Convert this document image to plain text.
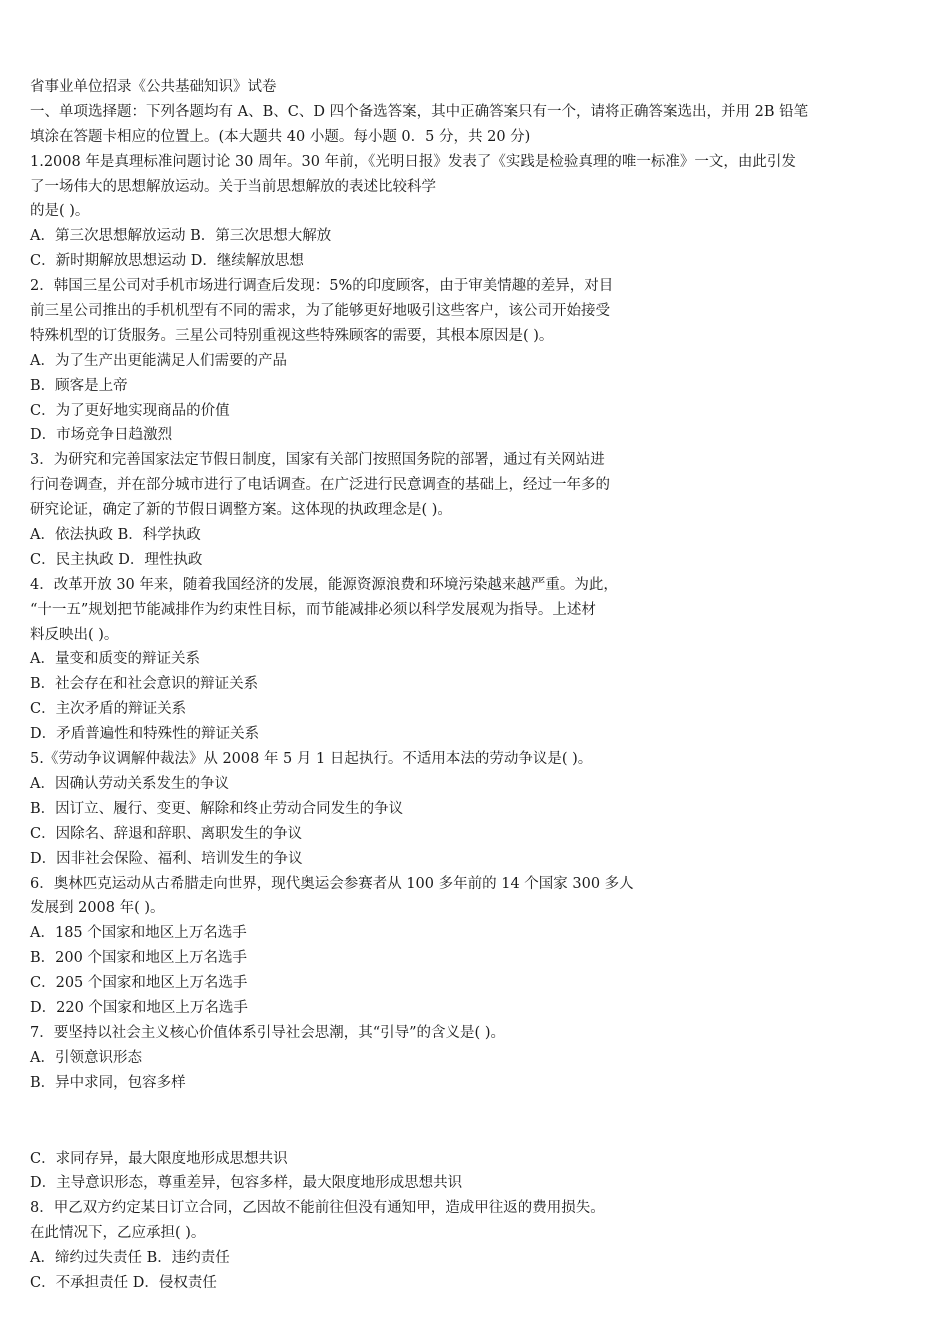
省事业单位招录《公共基础知识》试卷
一、单项选择题：下列各题均有 A、B、C、D 四个备选答案，其中正确答案只有一个，请将正确答案选出，并用 2B 铅笔
填涂在答题卡相应的位置上。(本大题共 40 小题。每小题 0．5 分，共 20 分)
1.2008 年是真理标准问题讨论 30 周年。30 年前，《光明日报》发表了《实践是检验真理的唯一标准》一文，由此引发
了一场伟大的思想解放运动。关于当前思想解放的表述比较科学
的是( )。
A．第三次思想解放运动 B．第三次思想大解放
C．新时期解放思想运动 D．继续解放思想
2．韩国三星公司对手机市场进行调查后发现：5%的印度顾客，由于审美情趣的差异，对目
前三星公司推出的手机机型有不同的需求，为了能够更好地吸引这些客户，该公司开始接受
特殊机型的订货服务。三星公司特别重视这些特殊顾客的需要，其根本原因是( )。
A．为了生产出更能满足人们需要的产品
B．顾客是上帝
C．为了更好地实现商品的价值
D．市场竞争日趋激烈
3．为研究和完善国家法定节假日制度，国家有关部门按照国务院的部署，通过有关网站进
行问卷调查，并在部分城市进行了电话调查。在广泛进行民意调查的基础上，经过一年多的
研究论证，确定了新的节假日调整方案。这体现的执政理念是( )。
A．依法执政 B．科学执政
C．民主执政 D．理性执政
4．改革开放 30 年来，随着我国经济的发展，能源资源浪费和环境污染越来越严重。为此，
“十一五”规划把节能减排作为约束性目标，而节能减排必须以科学发展观为指导。上述材
料反映出( )。
A．量变和质变的辩证关系
B．社会存在和社会意识的辩证关系
C．主次矛盾的辩证关系
D．矛盾普遍性和特殊性的辩证关系
5.《劳动争议调解仲裁法》从 2008 年 5 月 1 日起执行。不适用本法的劳动争议是( )。
A．因确认劳动关系发生的争议
B．因订立、履行、变更、解除和终止劳动合同发生的争议
C．因除名、辞退和辞职、离职发生的争议
D．因非社会保险、福利、培训发生的争议
6．奥林匹克运动从古希腊走向世界，现代奥运会参赛者从 100 多年前的 14 个国家 300 多人
发展到 2008 年( )。
A．185 个国家和地区上万名选手
B．200 个国家和地区上万名选手
C．205 个国家和地区上万名选手
D．220 个国家和地区上万名选手
7．要坚持以社会主义核心价值体系引导社会思潮，其“引导”的含义是( )。
A．引领意识形态
B．异中求同，包容多样
C．求同存异，最大限度地形成思想共识
D．主导意识形态，尊重差异，包容多样，最大限度地形成思想共识
8．甲乙双方约定某日订立合同，乙因故不能前往但没有通知甲，造成甲往返的费用损失。
在此情况下，乙应承担( )。
A．缔约过失责任 B．违约责任
C．不承担责任 D．侵权责任
